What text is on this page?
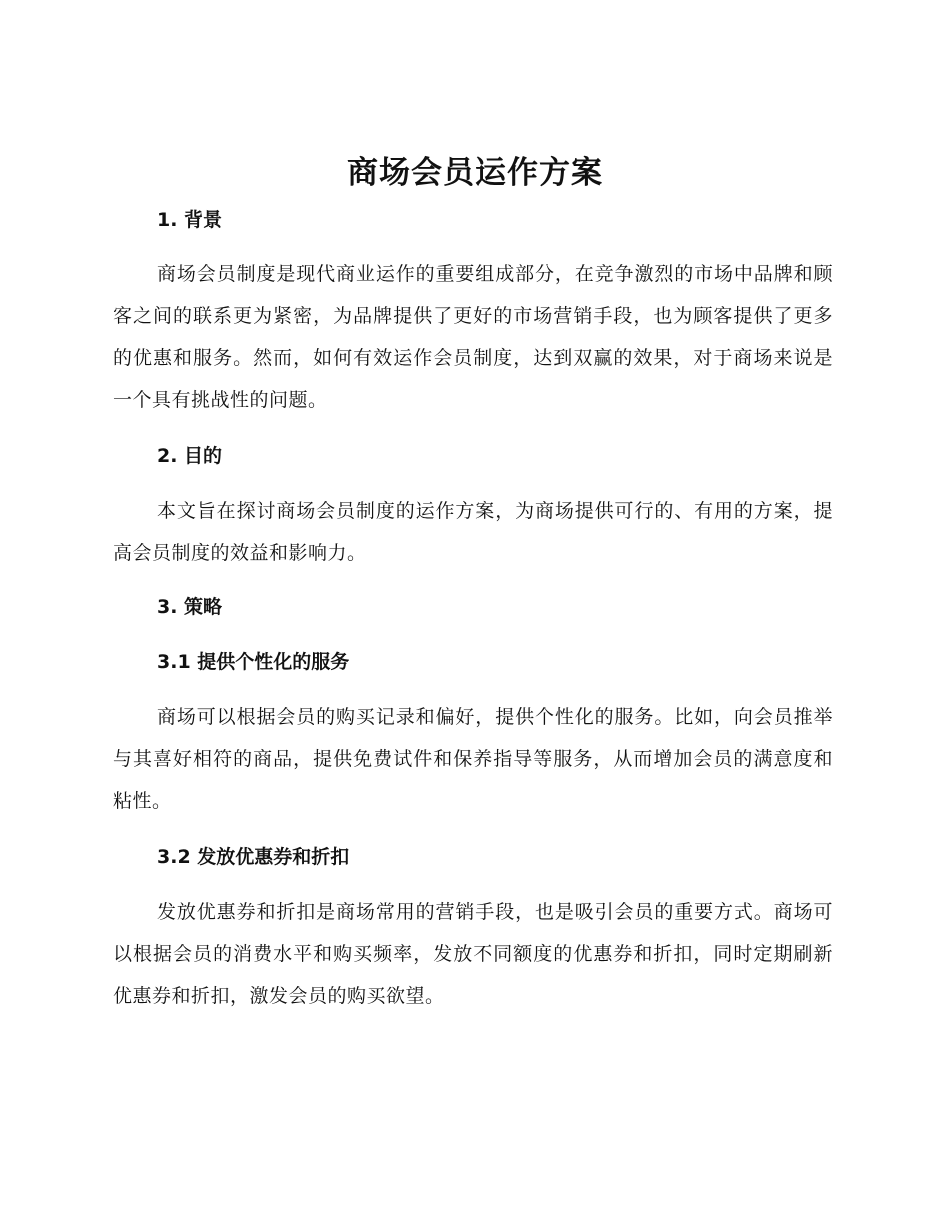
商场会员运作方案
1. 背景

商场会员制度是现代商业运作的重要组成部分，在竞争激烈的市场中品牌和顾客之间的联系更为紧密，为品牌提供了更好的市场营销手段，也为顾客提供了更多的优惠和服务。然而，如何有效运作会员制度，达到双赢的效果，对于商场来说是一个具有挑战性的问题。

2. 目的

本文旨在探讨商场会员制度的运作方案，为商场提供可行的、有用的方案，提高会员制度的效益和影响力。

3. 策略
3.1 提供个性化的服务

商场可以根据会员的购买记录和偏好，提供个性化的服务。比如，向会员推举与其喜好相符的商品，提供免费试件和保养指导等服务，从而增加会员的满意度和粘性。

3.2 发放优惠券和折扣

发放优惠券和折扣是商场常用的营销手段，也是吸引会员的重要方式。商场可以根据会员的消费水平和购买频率，发放不同额度的优惠券和折扣，同时定期刷新优惠券和折扣，激发会员的购买欲望。
